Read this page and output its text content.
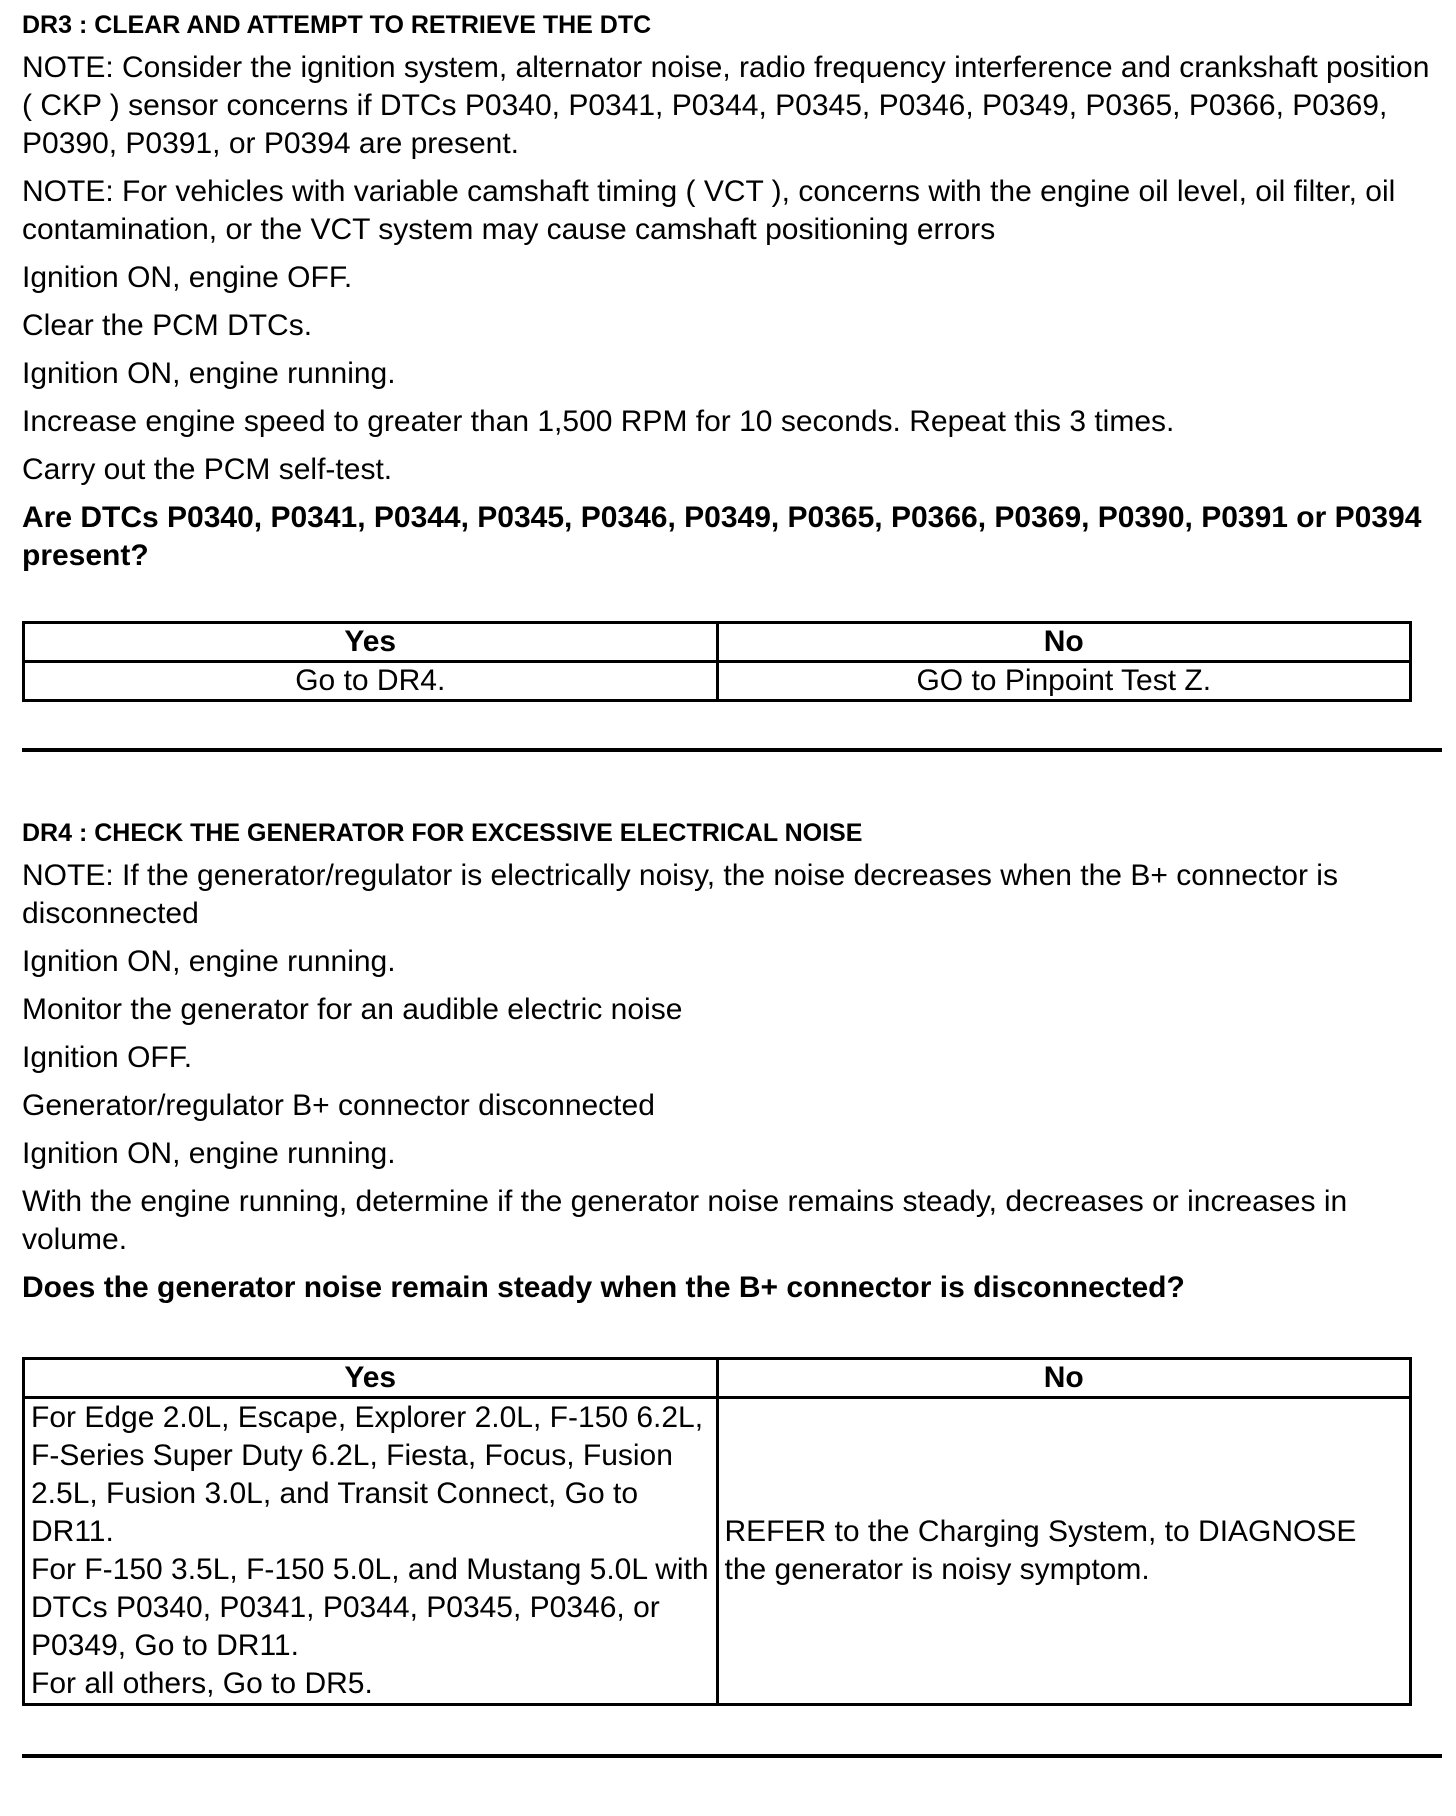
DR3 : CLEAR AND ATTEMPT TO RETRIEVE THE DTC
NOTE: Consider the ignition system, alternator noise, radio frequency interference and crankshaft position ( CKP ) sensor concerns if DTCs P0340, P0341, P0344, P0345, P0346, P0349, P0365, P0366, P0369, P0390, P0391, or P0394 are present.
NOTE: For vehicles with variable camshaft timing ( VCT ), concerns with the engine oil level, oil filter, oil contamination, or the VCT system may cause camshaft positioning errors
Ignition ON, engine OFF.
Clear the PCM DTCs.
Ignition ON, engine running.
Increase engine speed to greater than 1,500 RPM for 10 seconds. Repeat this 3 times.
Carry out the PCM self-test.
Are DTCs P0340, P0341, P0344, P0345, P0346, P0349, P0365, P0366, P0369, P0390, P0391 or P0394 present?
Yes	No
Go to DR4.	GO to Pinpoint Test Z.
DR4 : CHECK THE GENERATOR FOR EXCESSIVE ELECTRICAL NOISE
NOTE: If the generator/regulator is electrically noisy, the noise decreases when the B+ connector is disconnected
Ignition ON, engine running.
Monitor the generator for an audible electric noise
Ignition OFF.
Generator/regulator B+ connector disconnected
Ignition ON, engine running.
With the engine running, determine if the generator noise remains steady, decreases or increases in volume.
Does the generator noise remain steady when the B+ connector is disconnected?
Yes	No

For Edge 2.0L, Escape, Explorer 2.0L, F-150 6.2L, F-Series Super Duty 6.2L, Fiesta, Focus, Fusion 2.5L, Fusion 3.0L, and Transit Connect, Go to DR11.
For F-150 3.5L, F-150 5.0L, and Mustang 5.0L with DTCs P0340, P0341, P0344, P0345, P0346, or P0349, Go to DR11.
For all others, Go to DR5.	REFER to the Charging System, to DIAGNOSE the generator is noisy symptom.
